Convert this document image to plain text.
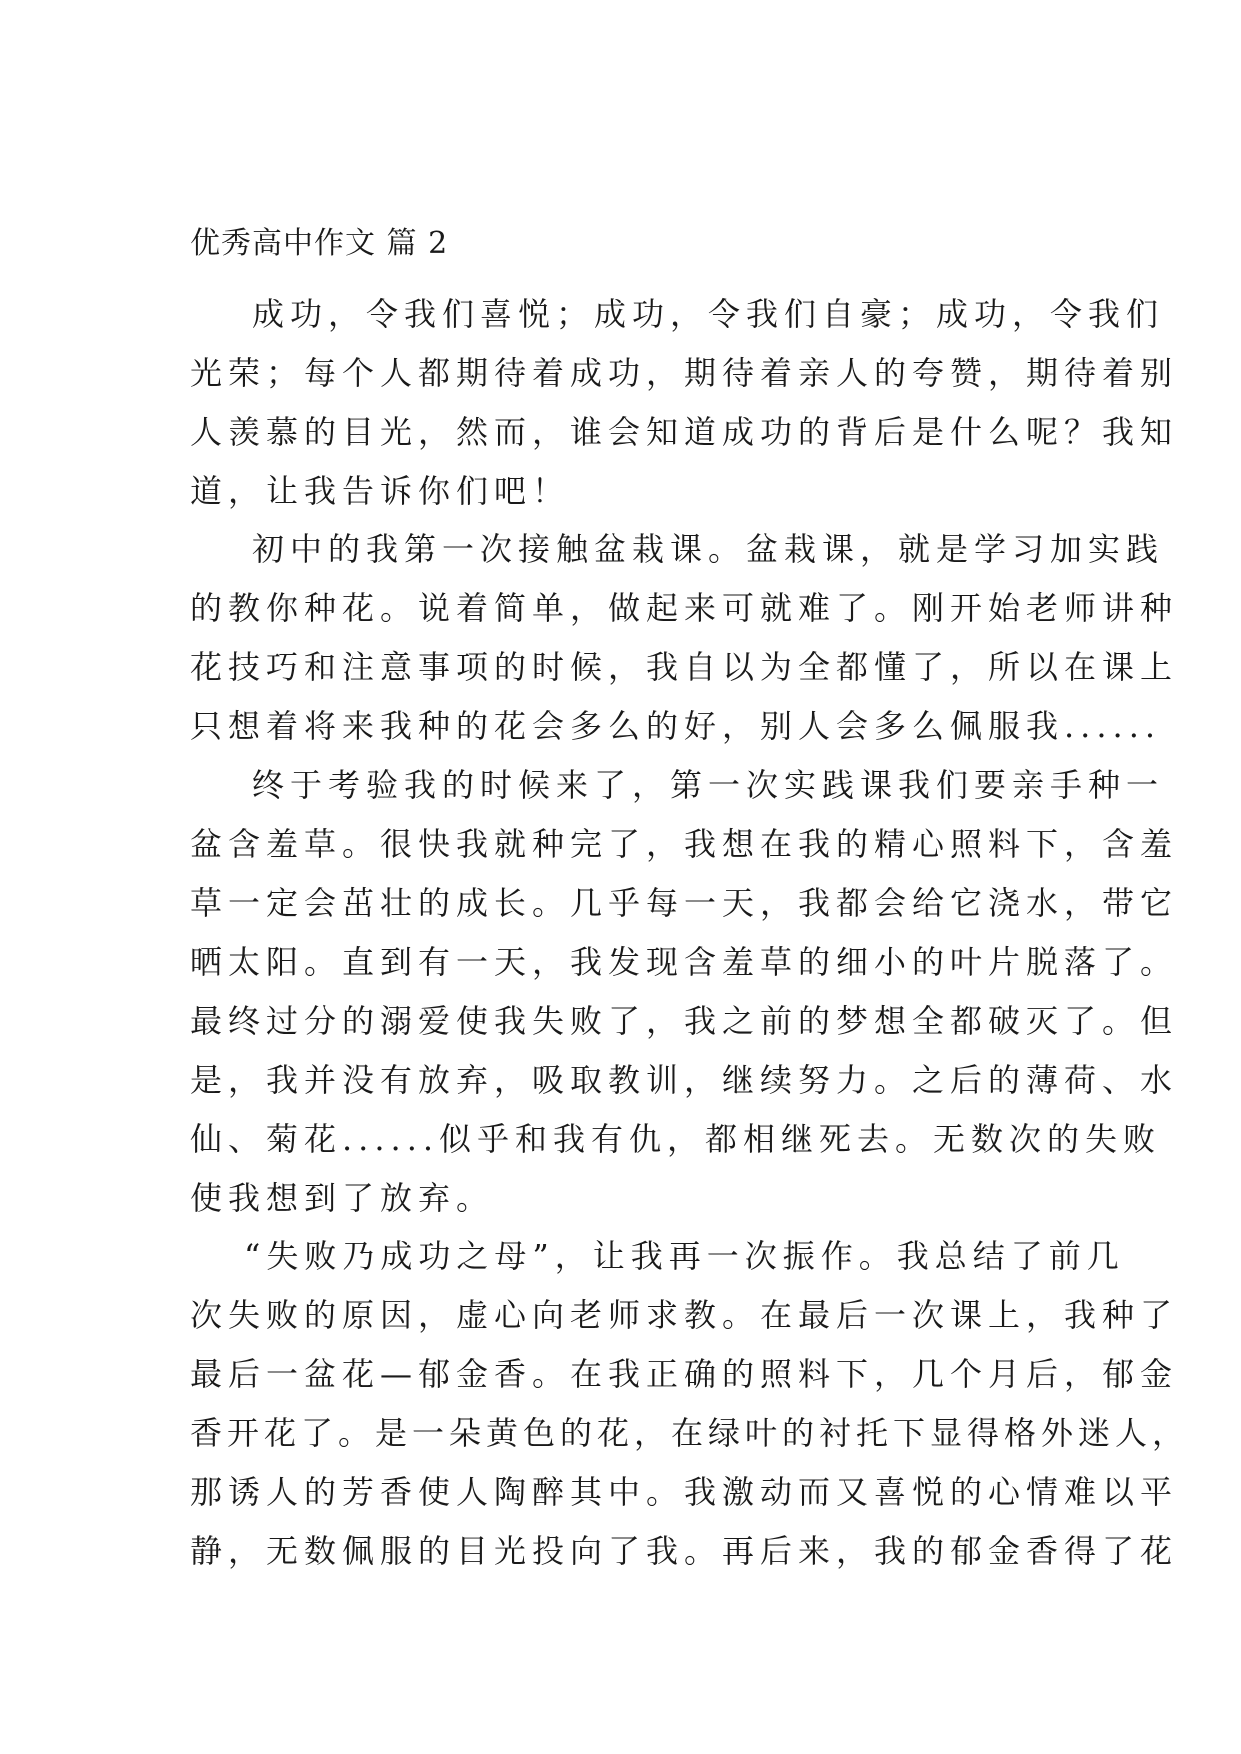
优秀高中作文 篇 2
成功，令我们喜悦；成功，令我们自豪；成功，令我们
光荣；每个人都期待着成功，期待着亲人的夸赞，期待着别
人羡慕的目光，然而，谁会知道成功的背后是什么呢？我知
道，让我告诉你们吧！
初中的我第一次接触盆栽课。盆栽课，就是学习加实践
的教你种花。说着简单，做起来可就难了。刚开始老师讲种
花技巧和注意事项的时候，我自以为全都懂了，所以在课上
只想着将来我种的花会多么的好，别人会多么佩服我......
终于考验我的时候来了，第一次实践课我们要亲手种一
盆含羞草。很快我就种完了，我想在我的精心照料下，含羞
草一定会茁壮的成长。几乎每一天，我都会给它浇水，带它
晒太阳。直到有一天，我发现含羞草的细小的叶片脱落了。
最终过分的溺爱使我失败了，我之前的梦想全都破灭了。但
是，我并没有放弃，吸取教训，继续努力。之后的薄荷、水
仙、菊花......似乎和我有仇，都相继死去。无数次的失败
使我想到了放弃。
“失败乃成功之母”，让我再一次振作。我总结了前几
次失败的原因，虚心向老师求教。在最后一次课上，我种了
最后一盆花—郁金香。在我正确的照料下，几个月后，郁金
香开花了。是一朵黄色的花，在绿叶的衬托下显得格外迷人，
那诱人的芳香使人陶醉其中。我激动而又喜悦的心情难以平
静，无数佩服的目光投向了我。再后来，我的郁金香得了花
